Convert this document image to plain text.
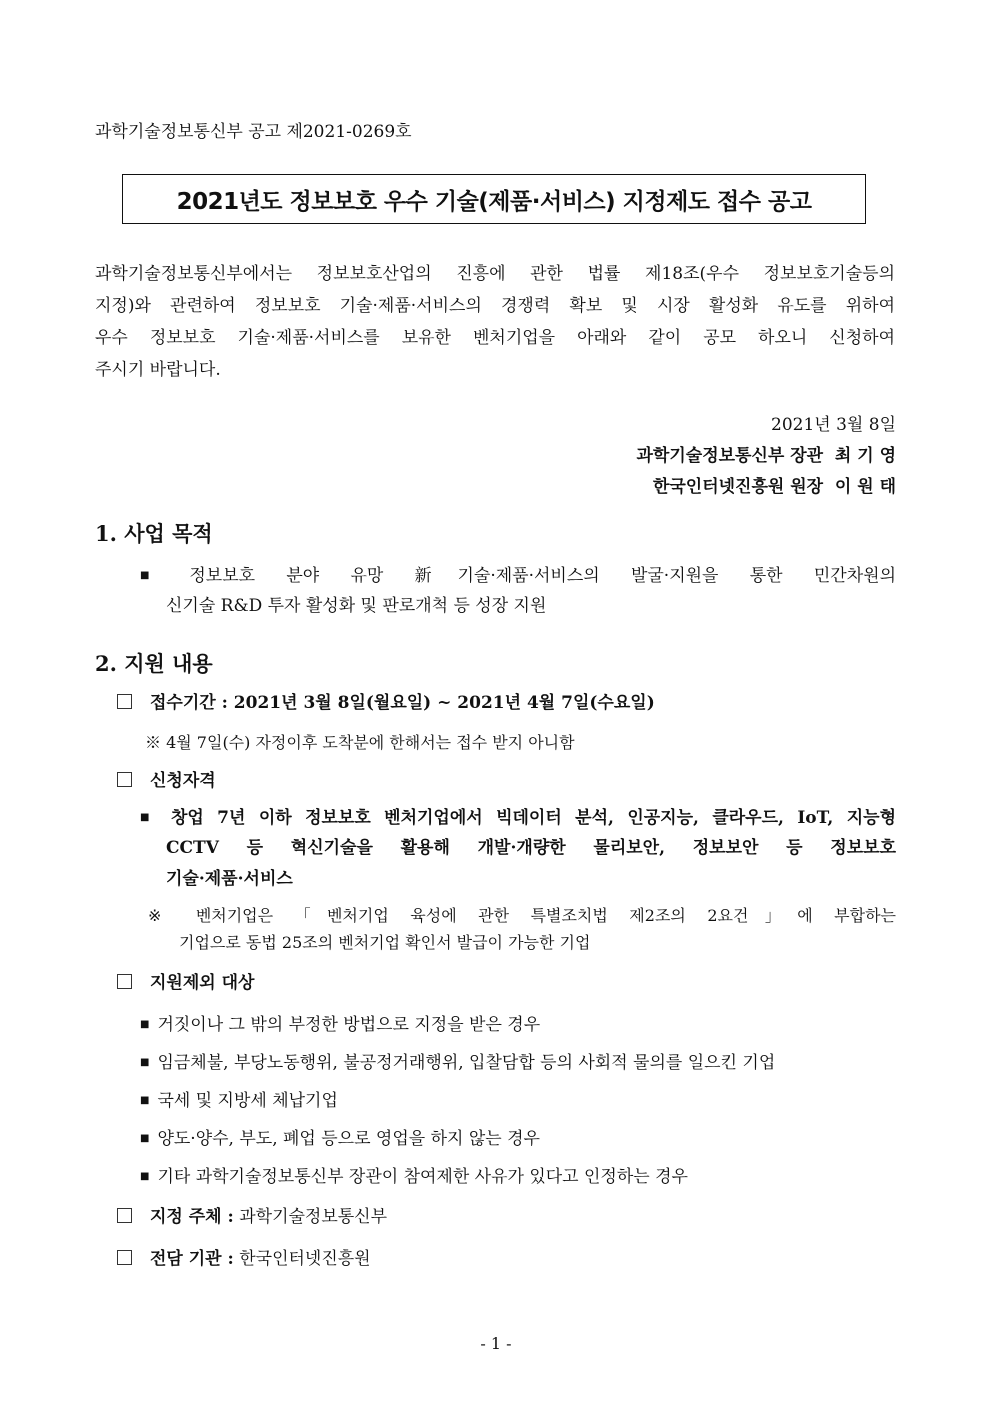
과학기술정보통신부 공고 제2021-0269호
2021년도 정보보호 우수 기술(제품·서비스) 지정제도 접수 공고
과학기술정보통신부에서는 정보보호산업의 진흥에 관한 법률 제18조(우수 정보보호기술등의
지정)와 관련하여 정보보호 기술·제품·서비스의 경쟁력 확보 및 시장 활성화 유도를 위하여
우수 정보보호 기술·제품·서비스를 보유한 벤처기업을 아래와 같이 공모 하오니 신청하여
주시기 바랍니다.
2021년 3월 8일
과학기술정보통신부 장관  최 기 영
한국인터넷진흥원 원장  이 원 태
1. 사업 목적
■ 정보보호 분야 유망 新기술·제품·서비스의 발굴·지원을 통한 민간차원의
신기술 R&D 투자 활성화 및 판로개척 등 성장 지원
2. 지원 내용
접수기간 : 2021년 3월 8일(월요일) ~ 2021년 4월 7일(수요일)
※ 4월 7일(수) 자정이후 도착분에 한해서는 접수 받지 아니함
신청자격
■ 창업 7년 이하 정보보호 벤처기업에서 빅데이터 분석, 인공지능, 클라우드, IoT, 지능형
CCTV 등 혁신기술을 활용해 개발·개량한 물리보안, 정보보안 등 정보보호
기술·제품·서비스
※ 벤처기업은 「벤처기업 육성에 관한 특별조치법 제2조의 2요건」에 부합하는
기업으로 동법 25조의 벤처기업 확인서 발급이 가능한 기업
지원제외 대상
■ 거짓이나 그 밖의 부정한 방법으로 지정을 받은 경우
■ 임금체불, 부당노동행위, 불공정거래행위, 입찰담합 등의 사회적 물의를 일으킨 기업
■ 국세 및 지방세 체납기업
■ 양도·양수, 부도, 폐업 등으로 영업을 하지 않는 경우
■ 기타 과학기술정보통신부 장관이 참여제한 사유가 있다고 인정하는 경우
지정 주체 : 과학기술정보통신부
전담 기관 : 한국인터넷진흥원
- 1 -
